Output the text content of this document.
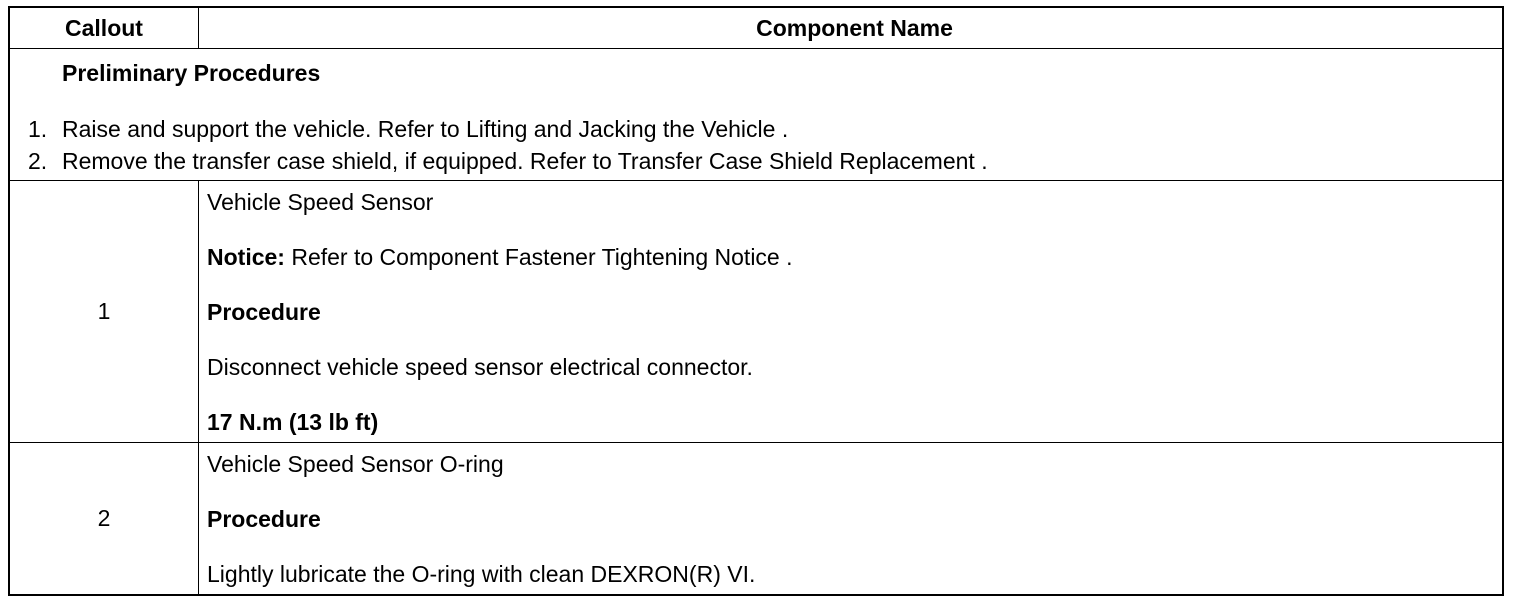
Callout	Component Name
Preliminary Procedures
1. Raise and support the vehicle. Refer to Lifting and Jacking the Vehicle .
2. Remove the transfer case shield, if equipped. Refer to Transfer Case Shield Replacement .
1
Vehicle Speed Sensor
Notice: Refer to Component Fastener Tightening Notice .
Procedure
Disconnect vehicle speed sensor electrical connector.
17 N.m (13 lb ft)
2
Vehicle Speed Sensor O-ring
Procedure
Lightly lubricate the O-ring with clean DEXRON(R) VI.
